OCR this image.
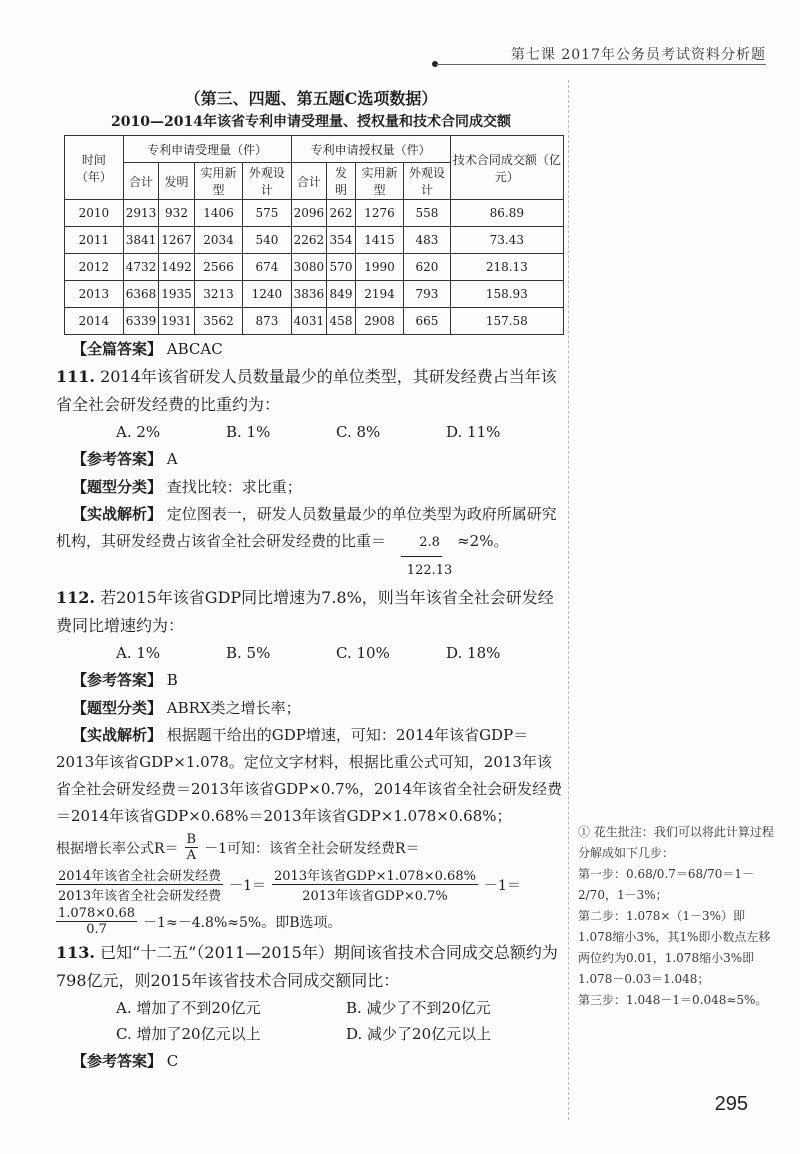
第七课 2017年公务员考试资料分析题
（第三、四题、第五题C选项数据）
2010—2014年该省专利申请受理量、授权量和技术合同成交额
时间（年）	专利申请受理量（件）				专利申请授权量（件）				技术合同成交额（亿元）
	合计	发明	实用新型	外观设计	合计	发明	实用新型	外观设计	
2010	2913	932	1406	575	2096	262	1276	558	86.89
2011	3841	1267	2034	540	2262	354	1415	483	73.43
2012	4732	1492	2566	674	3080	570	1990	620	218.13
2013	6368	1935	3213	1240	3836	849	2194	793	158.93
2014	6339	1931	3562	873	4031	458	2908	665	157.58
【全篇答案】 ABCAC
111. 2014年该省研发人员数量最少的单位类型，其研发经费占当年该省全社会研发经费的比重约为：
A. 2%	B. 1%	C. 8%	D. 11%
【参考答案】 A
【题型分类】 查找比较：求比重；
【实战解析】 定位图表一，研发人员数量最少的单位类型为政府所属研究机构，其研发经费占该省全社会研发经费的比重＝ $\frac{2.8}{122.13} \approx 2\%$。
112. 若2015年该省GDP同比增速为7.8%，则当年该省全社会研发经费同比增速约为：
A. 1%	B. 5%	C. 10%	D. 18%
【参考答案】 B
【题型分类】 ABRX类之增长率；
【实战解析】 根据题干给出的GDP增速，可知：2014年该省GDP＝2013年该省GDP×1.078。定位文字材料，根据比重公式可知，2013年该省全社会研发经费＝2013年该省GDP×0.7%，2014年该省全社会研发经费＝2014年该省GDP×0.68%＝2013年该省GDP×1.078×0.68%；
根据增长率公式$R= \frac{B}{A} -1$可知：该省全社会研发经费R＝
$\frac{\text{2014年该省全社会研发经费}}{\text{2013年该省全社会研发经费}} -1= \frac{\text{2013年该省GDP×1.078×0.68\%}}{\text{2013年该省GDP×0.7\%}} -1=$
$\frac{1.078\times 0.68}{0.7} -1\approx-4.8\%\approx 5\%$。即B选项。
113. 已知“十二五”（2011—2015年）期间该省技术合同成交总额约为798亿元，则2015年该省技术合同成交额同比：
A. 增加了不到20亿元	B. 减少了不到20亿元
C. 增加了20亿元以上	D. 减少了20亿元以上
【参考答案】 C
① 花生批注：我们可以将此计算过程分解成如下几步：
第一步：0.68/0.7＝68/70＝1－2/70，1－3%；
第二步：1.078×（1－3%）即1.078缩小3%，其1%即小数点左移两位约为0.01，1.078缩小3%即1.078－0.03＝1.048；
第三步：1.048－1＝0.048≈5%。
295
